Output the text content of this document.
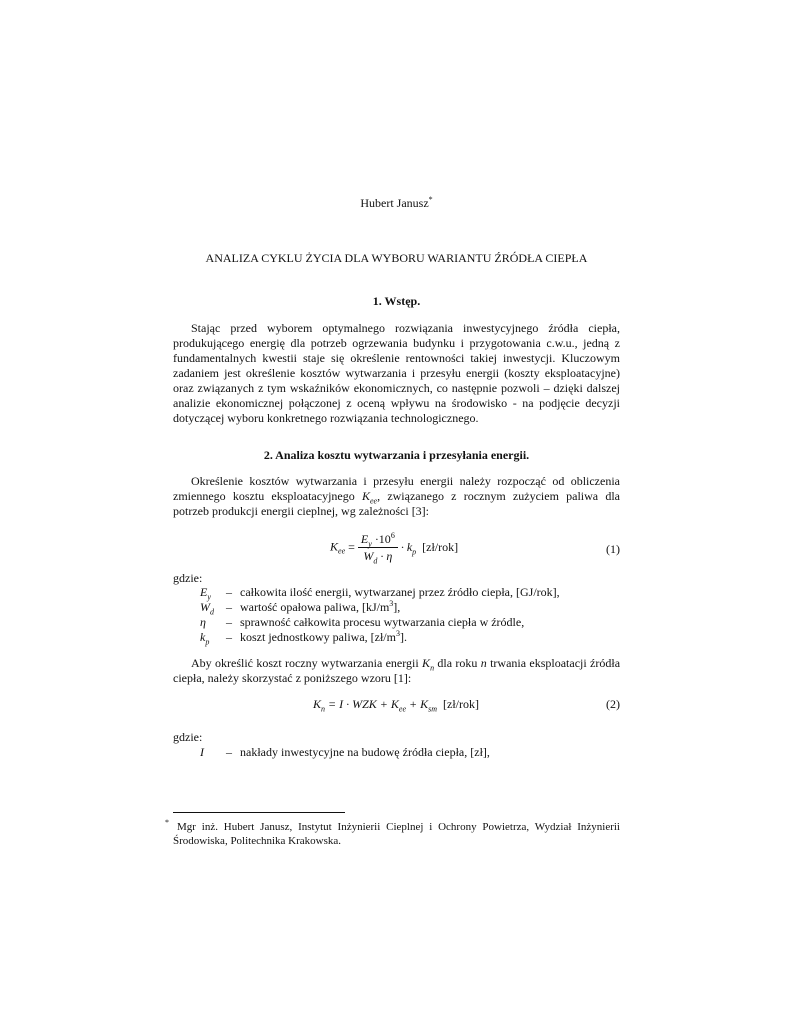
Hubert Janusz*
ANALIZA CYKLU ŻYCIA DLA WYBORU WARIANTU ŹRÓDŁA CIEPŁA
1. Wstęp.
Stając przed wyborem optymalnego rozwiązania inwestycyjnego źródła ciepła, produkującego energię dla potrzeb ogrzewania budynku i przygotowania c.w.u., jedną z fundamentalnych kwestii staje się określenie rentowności takiej inwestycji. Kluczowym zadaniem jest określenie kosztów wytwarzania i przesyłu energii (koszty eksploatacyjne) oraz związanych z tym wskaźników ekonomicznych, co następnie pozwoli – dzięki dalszej analizie ekonomicznej połączonej z oceną wpływu na środowisko - na podjęcie decyzji dotyczącej wyboru konkretnego rozwiązania technologicznego.
2. Analiza kosztu wytwarzania i przesyłania energii.
Określenie kosztów wytwarzania i przesyłu energii należy rozpocząć od obliczenia zmiennego kosztu eksploatacyjnego $K_{ee}$, związanego z rocznym zużyciem paliwa dla potrzeb produkcji energii cieplnej, wg zależności [3]:
$K_{ee} = \frac{E_y \cdot 10^6}{W_d \cdot \eta} \cdot k_p$ [zł/rok]	(1)
gdzie:
$E_y$ – całkowita ilość energii, wytwarzanej przez źródło ciepła, [GJ/rok],
$W_d$ – wartość opałowa paliwa, $[kJ/m^3]$,
η – sprawność całkowita procesu wytwarzania ciepła w źródle,
$k_p$ – koszt jednostkowy paliwa, $[zł/m^3]$.
Aby określić koszt roczny wytwarzania energii $K_n$ dla roku n trwania eksploatacji źródła ciepła, należy skorzystać z poniższego wzoru [1]:
$K_n = I$ · WZK + $K_{ee} + K_{sm}$ [zł/rok]	(2)
gdzie:
I – nakłady inwestycyjne na budowę źródła ciepła, [zł],
* Mgr inż. Hubert Janusz, Instytut Inżynierii Cieplnej i Ochrony Powietrza, Wydział Inżynierii Środowiska, Politechnika Krakowska.
